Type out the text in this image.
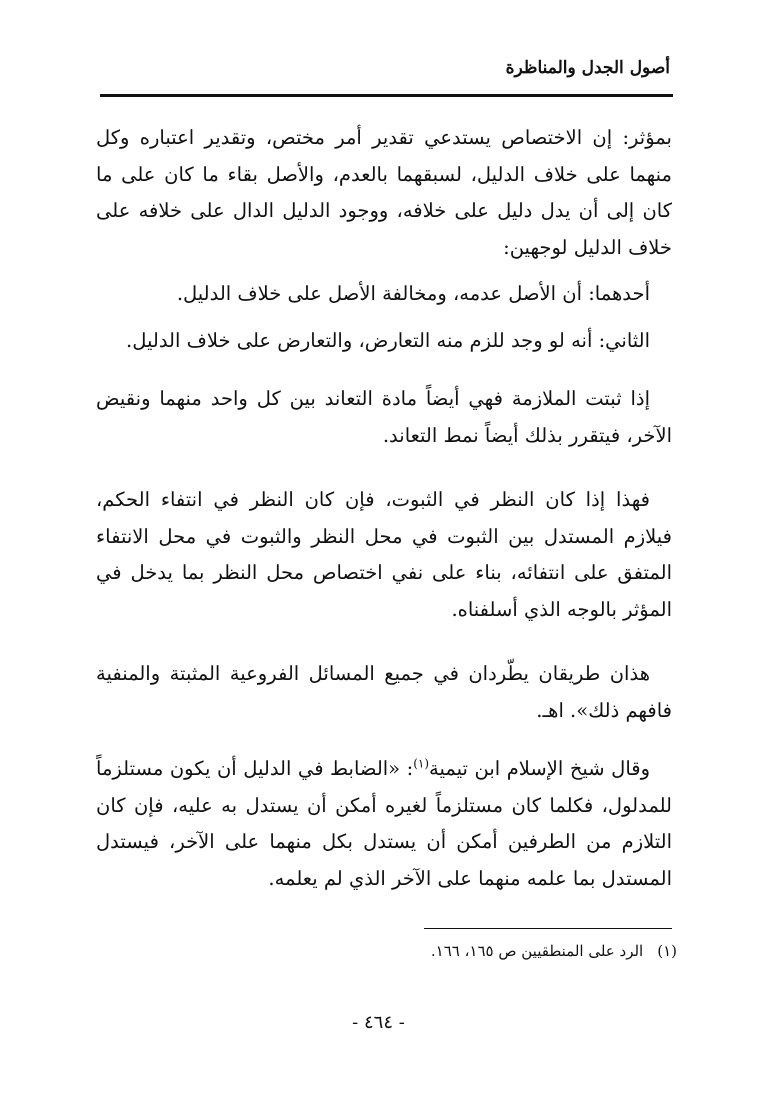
أصول الجدل والمناظرة

بمؤثر: إن الاختصاص يستدعي تقدير أمر مختص، وتقدير اعتباره وكل منهما على خلاف الدليل، لسبقهما بالعدم، والأصل بقاء ما كان على ما كان إلى أن يدل دليل على خلافه، ووجود الدليل الدال على خلافه على خلاف الدليل لوجهين:

أحدهما: أن الأصل عدمه، ومخالفة الأصل على خلاف الدليل.

الثاني: أنه لو وجد للزم منه التعارض، والتعارض على خلاف الدليل.

إذا ثبتت الملازمة فهي أيضاً مادة التعاند بين كل واحد منهما ونقيض الآخر، فيتقرر بذلك أيضاً نمط التعاند.

فهذا إذا كان النظر في الثبوت، فإن كان النظر في انتفاء الحكم، فيلازم المستدل بين الثبوت في محل النظر والثبوت في محل الانتفاء المتفق على انتفائه، بناء على نفي اختصاص محل النظر بما يدخل في المؤثر بالوجه الذي أسلفناه.

هذان طريقان يطّردان في جميع المسائل الفروعية المثبتة والمنفية فافهم ذلك». اهـ.

وقال شيخ الإسلام ابن تيمية$^{(١)}$: «الضابط في الدليل أن يكون مستلزماً للمدلول، فكلما كان مستلزماً لغيره أمكن أن يستدل به عليه، فإن كان التلازم من الطرفين أمكن أن يستدل بكل منهما على الآخر، فيستدل المستدل بما علمه منهما على الآخر الذي لم يعلمه.

(١)الرد على المنطقيين ص ١٦٥، ١٦٦.
- ٤٦٤ -
